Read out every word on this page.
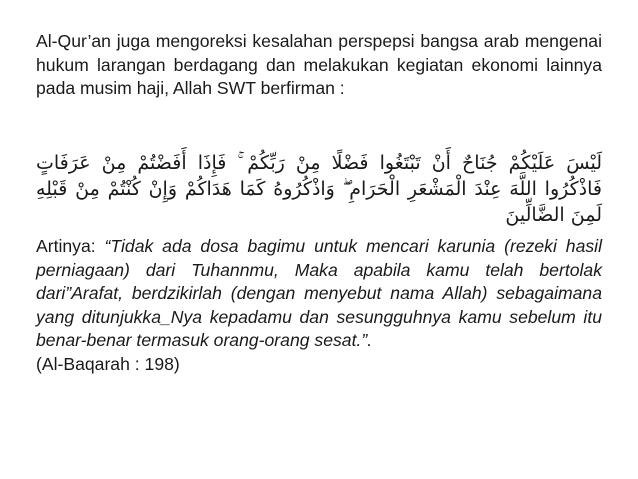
Al-Qur’an juga mengoreksi kesalahan perspepsi bangsa arab mengenai hukum larangan berdagang dan melakukan kegiatan ekonomi lainnya pada musim haji, Allah SWT berfirman :

لَيْسَ عَلَيْكُمْ جُنَاحٌ أَنْ تَبْتَغُوا فَضْلًا مِنْ رَبِّكُمْ ۚ فَإِذَا أَفَضْتُمْ مِنْ عَرَفَاتٍ فَاذْكُرُوا اللَّهَ عِنْدَ الْمَشْعَرِ الْحَرَامِ ۖ وَاذْكُرُوهُ كَمَا هَدَاكُمْ وَإِنْ كُنْتُمْ مِنْ قَبْلِهِ لَمِنَ الضَّالِّينَ

Artinya: “Tidak ada dosa bagimu untuk mencari karunia (rezeki hasil perniagaan) dari Tuhannmu, Maka apabila kamu telah bertolak dari”Arafat, berdzikirlah (dengan menyebut nama Allah) sebagaimana yang ditunjukkа_Nya kepadamu dan sesungguhnya kamu sebelum itu benar-benar termasuk orang-orang sesat.”.
(Al-Baqarah : 198)
